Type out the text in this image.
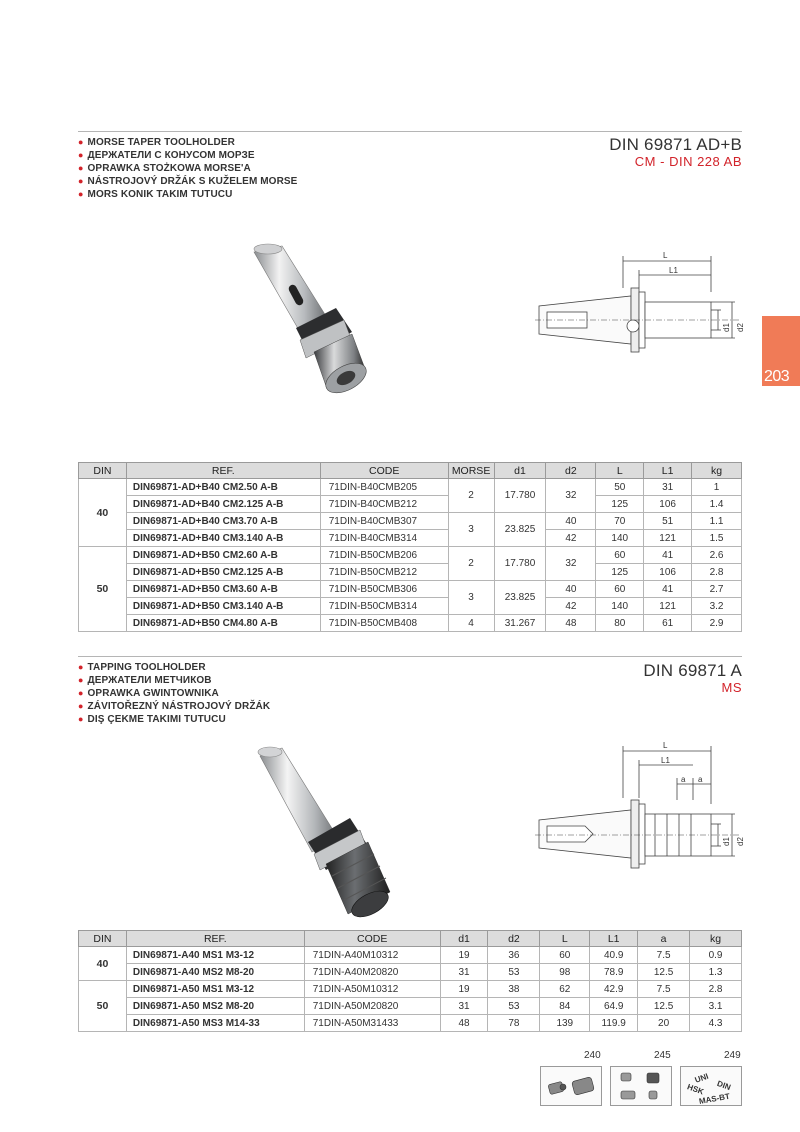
● MORSE TAPER TOOLHOLDER
● ДЕРЖАТЕЛИ С КОНУСОМ МОРЗЕ
● OPRAWKA STOŻKOWA MORSE'A
● NÁSTROJOVÝ DRŽÁK S KUŽELEM MORSE
● MORS KONIK TAKIM TUTUCU
DIN 69871 AD+B
CM - DIN 228 AB
203
L
L1
d1 d2
DIN	REF.	CODE	MORSE	d1	d2	L	L1	kg
40	DIN69871-AD+B40 CM2.50 A-B	71DIN-B40CMB205	2	17.780	32	50	31	1
	DIN69871-AD+B40 CM2.125 A-B	71DIN-B40CMB212				125	106	1.4
	DIN69871-AD+B40 CM3.70 A-B	71DIN-B40CMB307	3	23.825	40	70	51	1.1
	DIN69871-AD+B40 CM3.140 A-B	71DIN-B40CMB314			42	140	121	1.5
50	DIN69871-AD+B50 CM2.60 A-B	71DIN-B50CMB206	2	17.780	32	60	41	2.6
	DIN69871-AD+B50 CM2.125 A-B	71DIN-B50CMB212				125	106	2.8
	DIN69871-AD+B50 CM3.60 A-B	71DIN-B50CMB306	3	23.825	40	60	41	2.7
	DIN69871-AD+B50 CM3.140 A-B	71DIN-B50CMB314			42	140	121	3.2
	DIN69871-AD+B50 CM4.80 A-B	71DIN-B50CMB408	4	31.267	48	80	61	2.9
● TAPPING TOOLHOLDER
● ДЕРЖАТЕЛИ МЕТЧИКОВ
● OPRAWKA GWINTOWNIKA
● ZÁVITOŘEZNÝ NÁSTROJOVÝ DRŽÁK
● DIŞ ÇEKME TAKIMI TUTUCU
DIN 69871 A
MS
L
L1
a a
d1 d2
DIN	REF.	CODE	d1	d2	L	L1	a	kg
40	DIN69871-A40 MS1 M3-12	71DIN-A40M10312	19	36	60	40.9	7.5	0.9
	DIN69871-A40 MS2 M8-20	71DIN-A40M20820	31	53	98	78.9	12.5	1.3
50	DIN69871-A50 MS1 M3-12	71DIN-A50M10312	19	38	62	42.9	7.5	2.8
	DIN69871-A50 MS2 M8-20	71DIN-A50M20820	31	53	84	64.9	12.5	3.1
	DIN69871-A50 MS3 M14-33	71DIN-A50M31433	48	78	139	119.9	20	4.3
240	245	249
UNI
HSK DIN
MAS-BT
